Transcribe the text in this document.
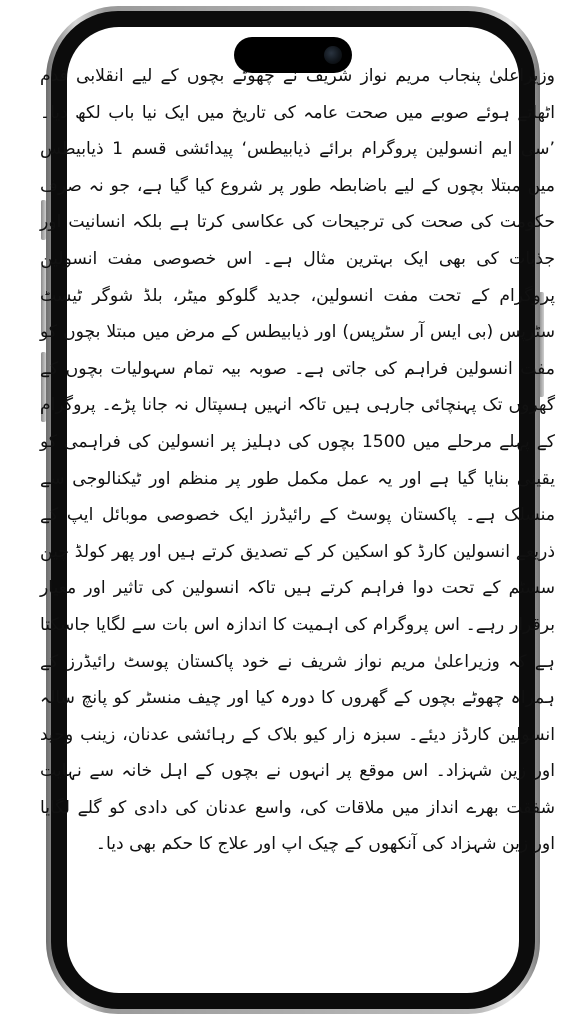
وزیراعلیٰ پنجاب مریم نواز شریف نے چھوٹے بچوں کے لیے انقلابی قدم اٹھاتے ہوئے صوبے میں صحت عامہ کی تاریخ میں ایک نیا باب لکھ دیا۔ ’سی ایم انسولین پروگرام برائے ذیابیطس‘ پیدائشی قسم 1 ذیابیطس میں مبتلا بچوں کے لیے باضابطہ طور پر شروع کیا گیا ہے، جو نہ صرف حکومت کی صحت کی ترجیحات کی عکاسی کرتا ہے بلکہ انسانیت اور جذبات کی بھی ایک بہترین مثال ہے۔ اس خصوصی مفت انسولین پروگرام کے تحت مفت انسولین، جدید گلوکو میٹر، بلڈ شوگر ٹیسٹ سٹرپس (بی ایس آر سٹرپس) اور ذیابیطس کے مرض میں مبتلا بچوں کو مفت انسولین فراہم کی جاتی ہے۔ صوبہ بیہ تمام سہولیات بچوں کے گھروں تک پہنچائی جارہی ہیں تاکہ انہیں ہسپتال نہ جانا پڑے۔ پروگرام کے پہلے مرحلے میں 1500 بچوں کی دہلیز پر انسولین کی فراہمی کو یقینی بنایا گیا ہے اور یہ عمل مکمل طور پر منظم اور ٹیکنالوجی سے منسلک ہے۔ پاکستان پوسٹ کے رائیڈرز ایک خصوصی موبائل ایپ کے ذریعے انسولین کارڈ کو اسکین کر کے تصدیق کرتے ہیں اور پھر کولڈ چین سسٹم کے تحت دوا فراہم کرتے ہیں تاکہ انسولین کی تاثیر اور معیار برقرار رہے۔ اس پروگرام کی اہمیت کا اندازہ اس بات سے لگایا جاسکتا ہے کہ وزیراعلیٰ مریم نواز شریف نے خود پاکستان پوسٹ رائیڈرز کے ہمراہ چھوٹے بچوں کے گھروں کا دورہ کیا اور چیف منسٹر کو پانچ سالہ انسولین کارڈز دیئے۔ سبزہ زار کیو بلاک کے رہائشی عدنان، زینب وحید اور زین شہزاد۔ اس موقع پر انہوں نے بچوں کے اہل خانہ سے نہایت شفقت بھرے انداز میں ملاقات کی، واسع عدنان کی دادی کو گلے لگایا اور زین شہزاد کی آنکھوں کے چیک اپ اور علاج کا حکم بھی دیا۔
